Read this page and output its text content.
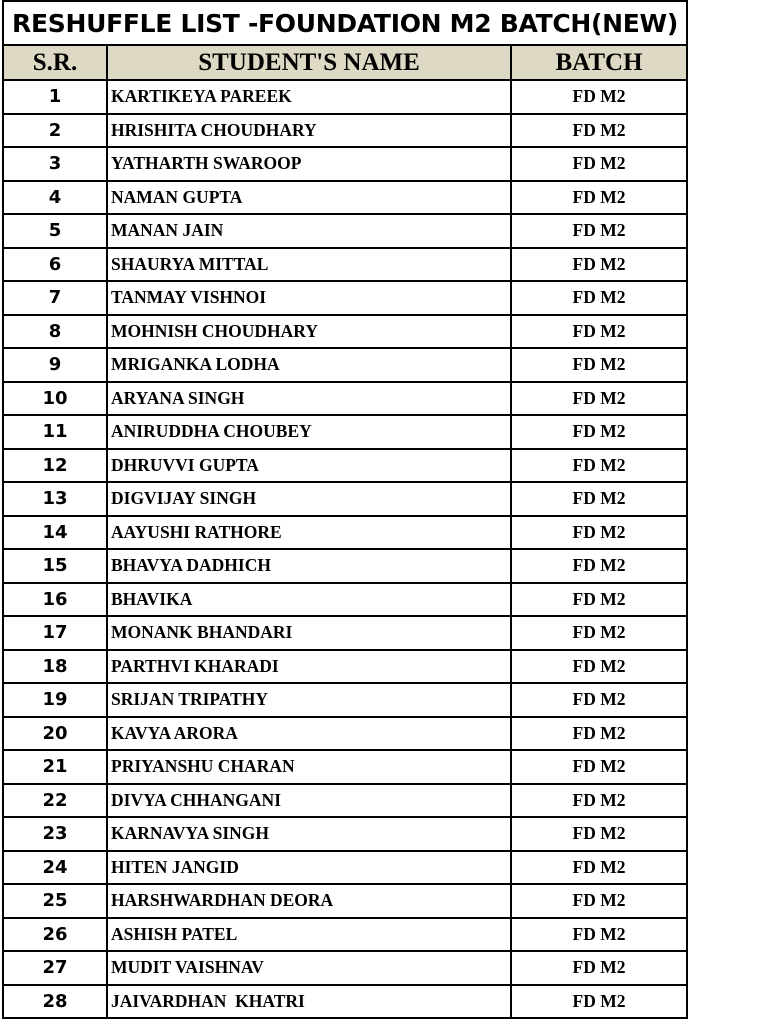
RESHUFFLE LIST -FOUNDATION M2 BATCH(NEW)		
S.R.	STUDENT'S NAME	BATCH
1	KARTIKEYA PAREEK	FD M2
2	HRISHITA CHOUDHARY	FD M2
3	YATHARTH SWAROOP	FD M2
4	NAMAN GUPTA	FD M2
5	MANAN JAIN	FD M2
6	SHAURYA MITTAL	FD M2
7	TANMAY VISHNOI	FD M2
8	MOHNISH CHOUDHARY	FD M2
9	MRIGANKA LODHA	FD M2
10	ARYANA SINGH	FD M2
11	ANIRUDDHA CHOUBEY	FD M2
12	DHRUVVI GUPTA	FD M2
13	DIGVIJAY SINGH	FD M2
14	AAYUSHI RATHORE	FD M2
15	BHAVYA DADHICH	FD M2
16	BHAVIKA	FD M2
17	MONANK BHANDARI	FD M2
18	PARTHVI KHARADI	FD M2
19	SRIJAN TRIPATHY	FD M2
20	KAVYA ARORA	FD M2
21	PRIYANSHU CHARAN	FD M2
22	DIVYA CHHANGANI	FD M2
23	KARNAVYA SINGH	FD M2
24	HITEN JANGID	FD M2
25	HARSHWARDHAN DEORA	FD M2
26	ASHISH PATEL	FD M2
27	MUDIT VAISHNAV	FD M2
28	JAIVARDHAN  KHATRI	FD M2
